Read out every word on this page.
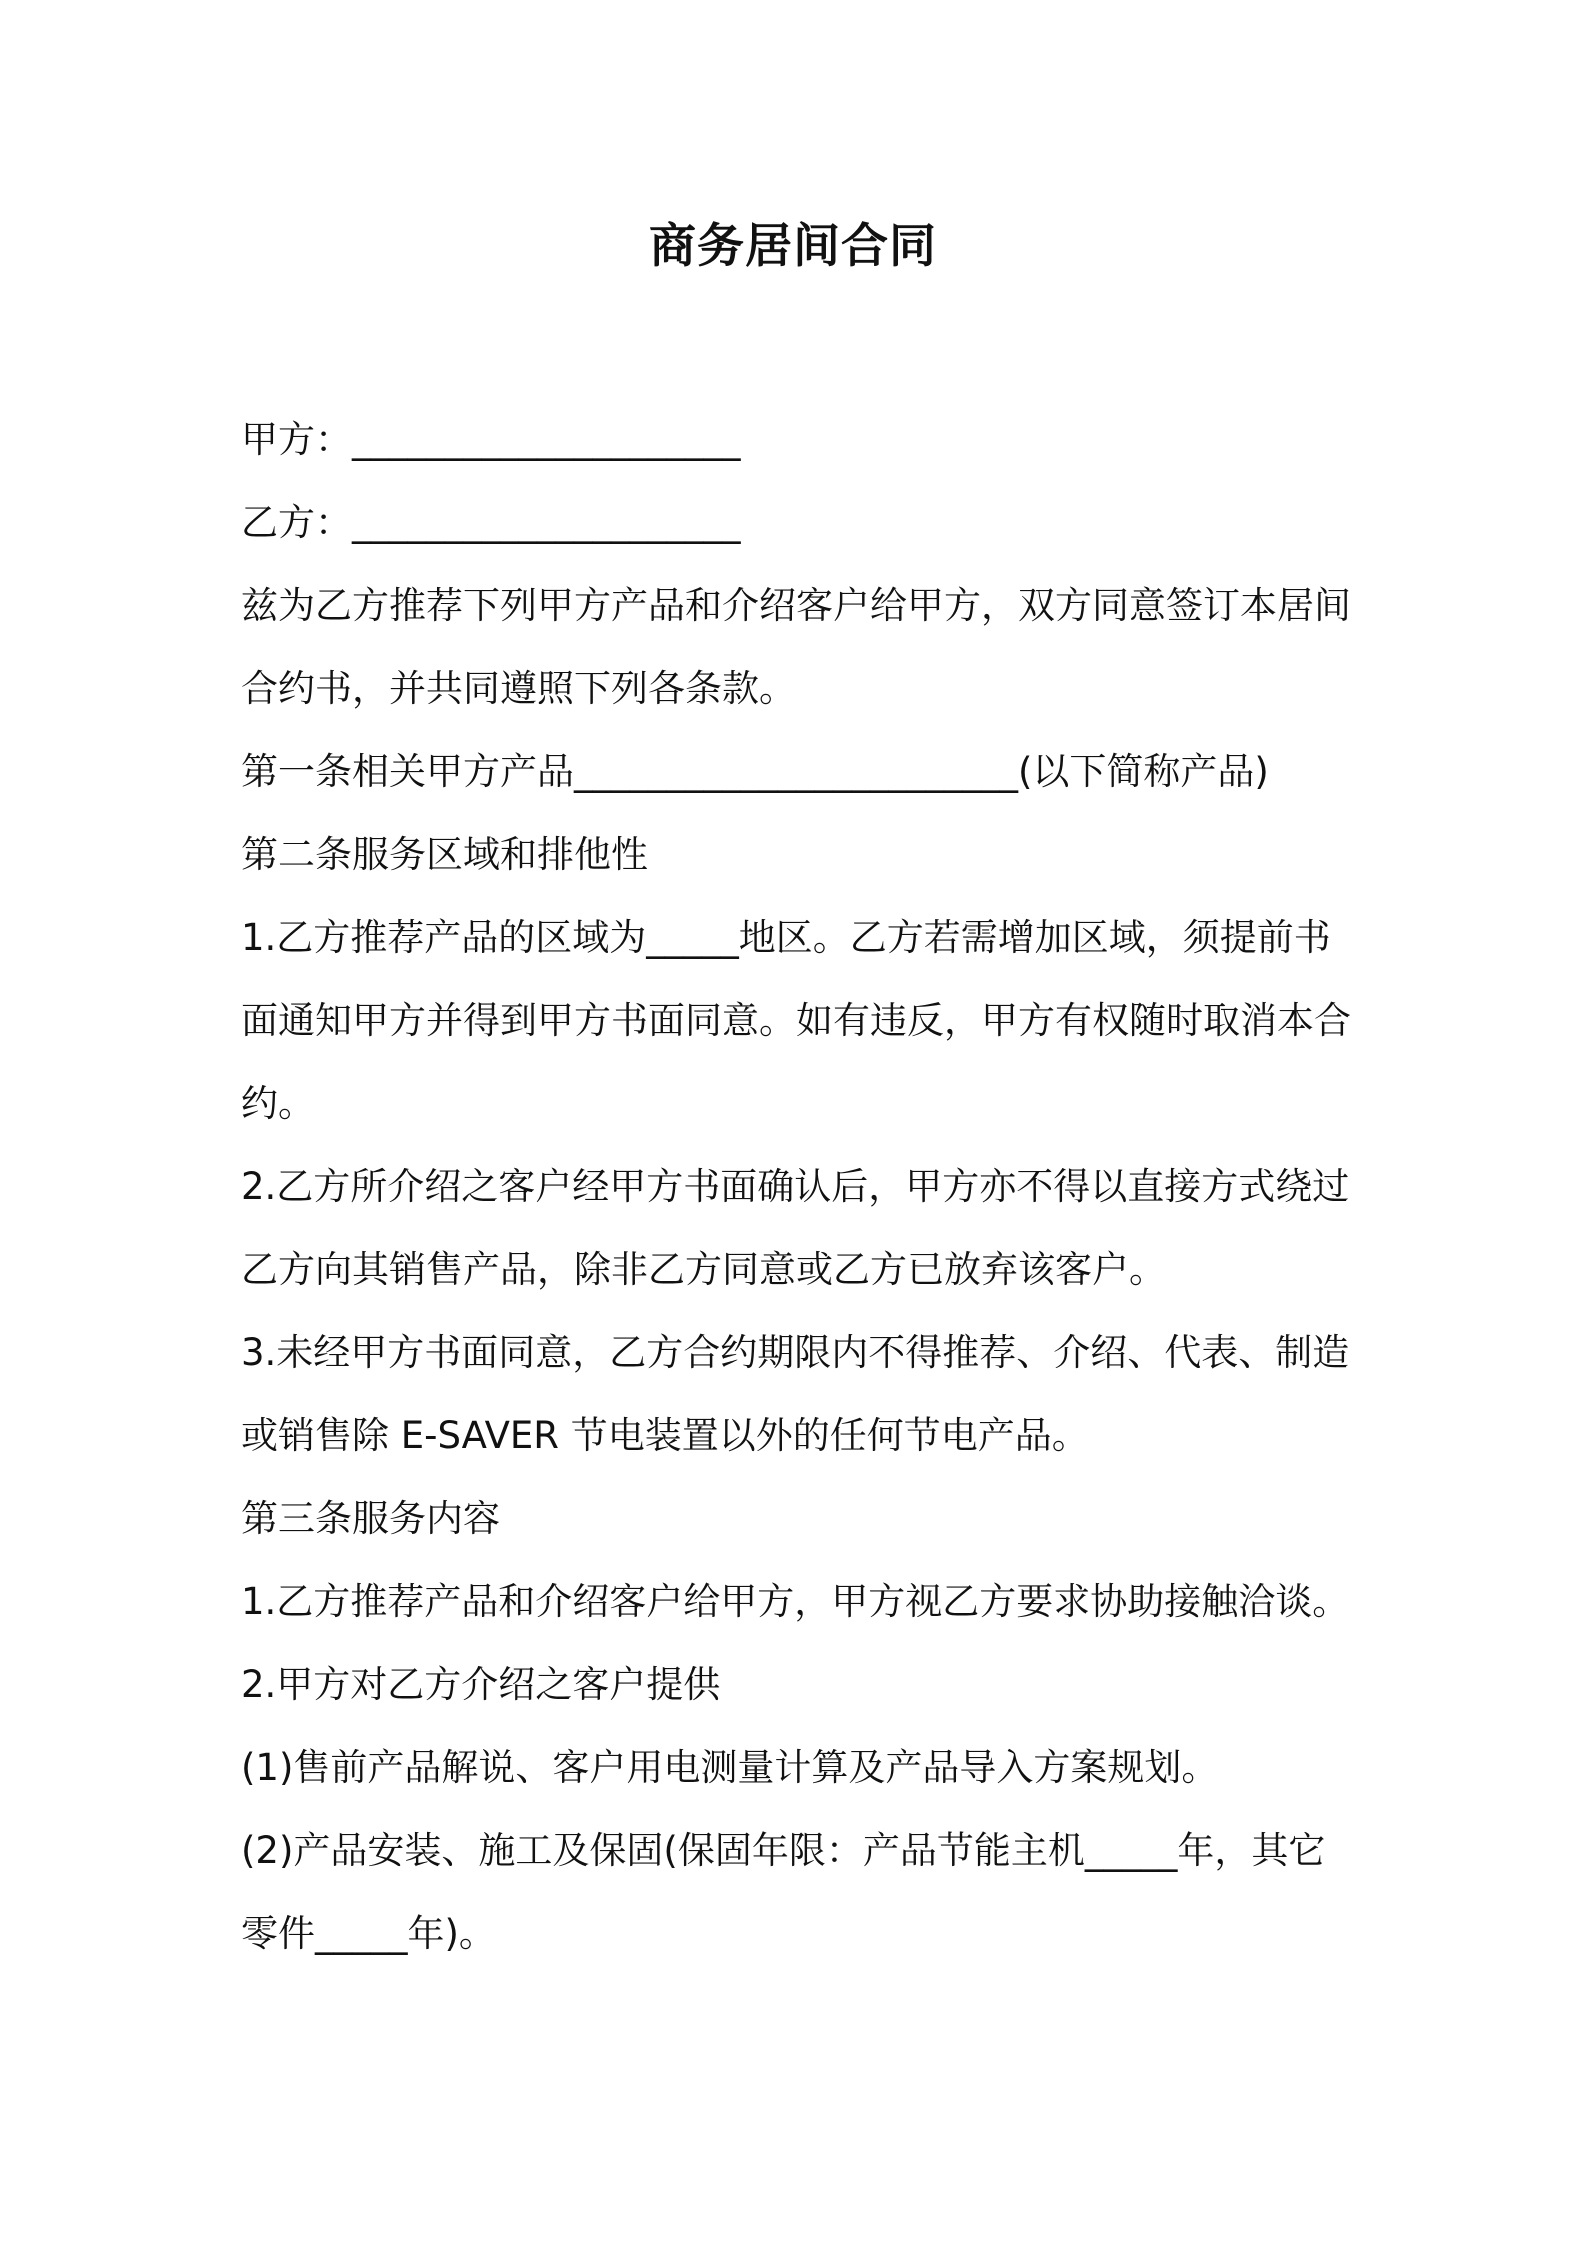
商务居间合同
甲方：_____________________
乙方：_____________________
兹为乙方推荐下列甲方产品和介绍客户给甲方，双方同意签订本居间
合约书，并共同遵照下列各条款。
第一条相关甲方产品________________________(以下简称产品)
第二条服务区域和排他性
1.乙方推荐产品的区域为_____地区。乙方若需增加区域，须提前书
面通知甲方并得到甲方书面同意。如有违反，甲方有权随时取消本合
约。
2.乙方所介绍之客户经甲方书面确认后，甲方亦不得以直接方式绕过
乙方向其销售产品，除非乙方同意或乙方已放弃该客户。
3.未经甲方书面同意，乙方合约期限内不得推荐、介绍、代表、制造
或销售除 E-SAVER 节电装置以外的任何节电产品。
第三条服务内容
1.乙方推荐产品和介绍客户给甲方，甲方视乙方要求协助接触洽谈。
2.甲方对乙方介绍之客户提供
(1)售前产品解说、客户用电测量计算及产品导入方案规划。
(2)产品安装、施工及保固(保固年限：产品节能主机_____年，其它
零件_____年)。
